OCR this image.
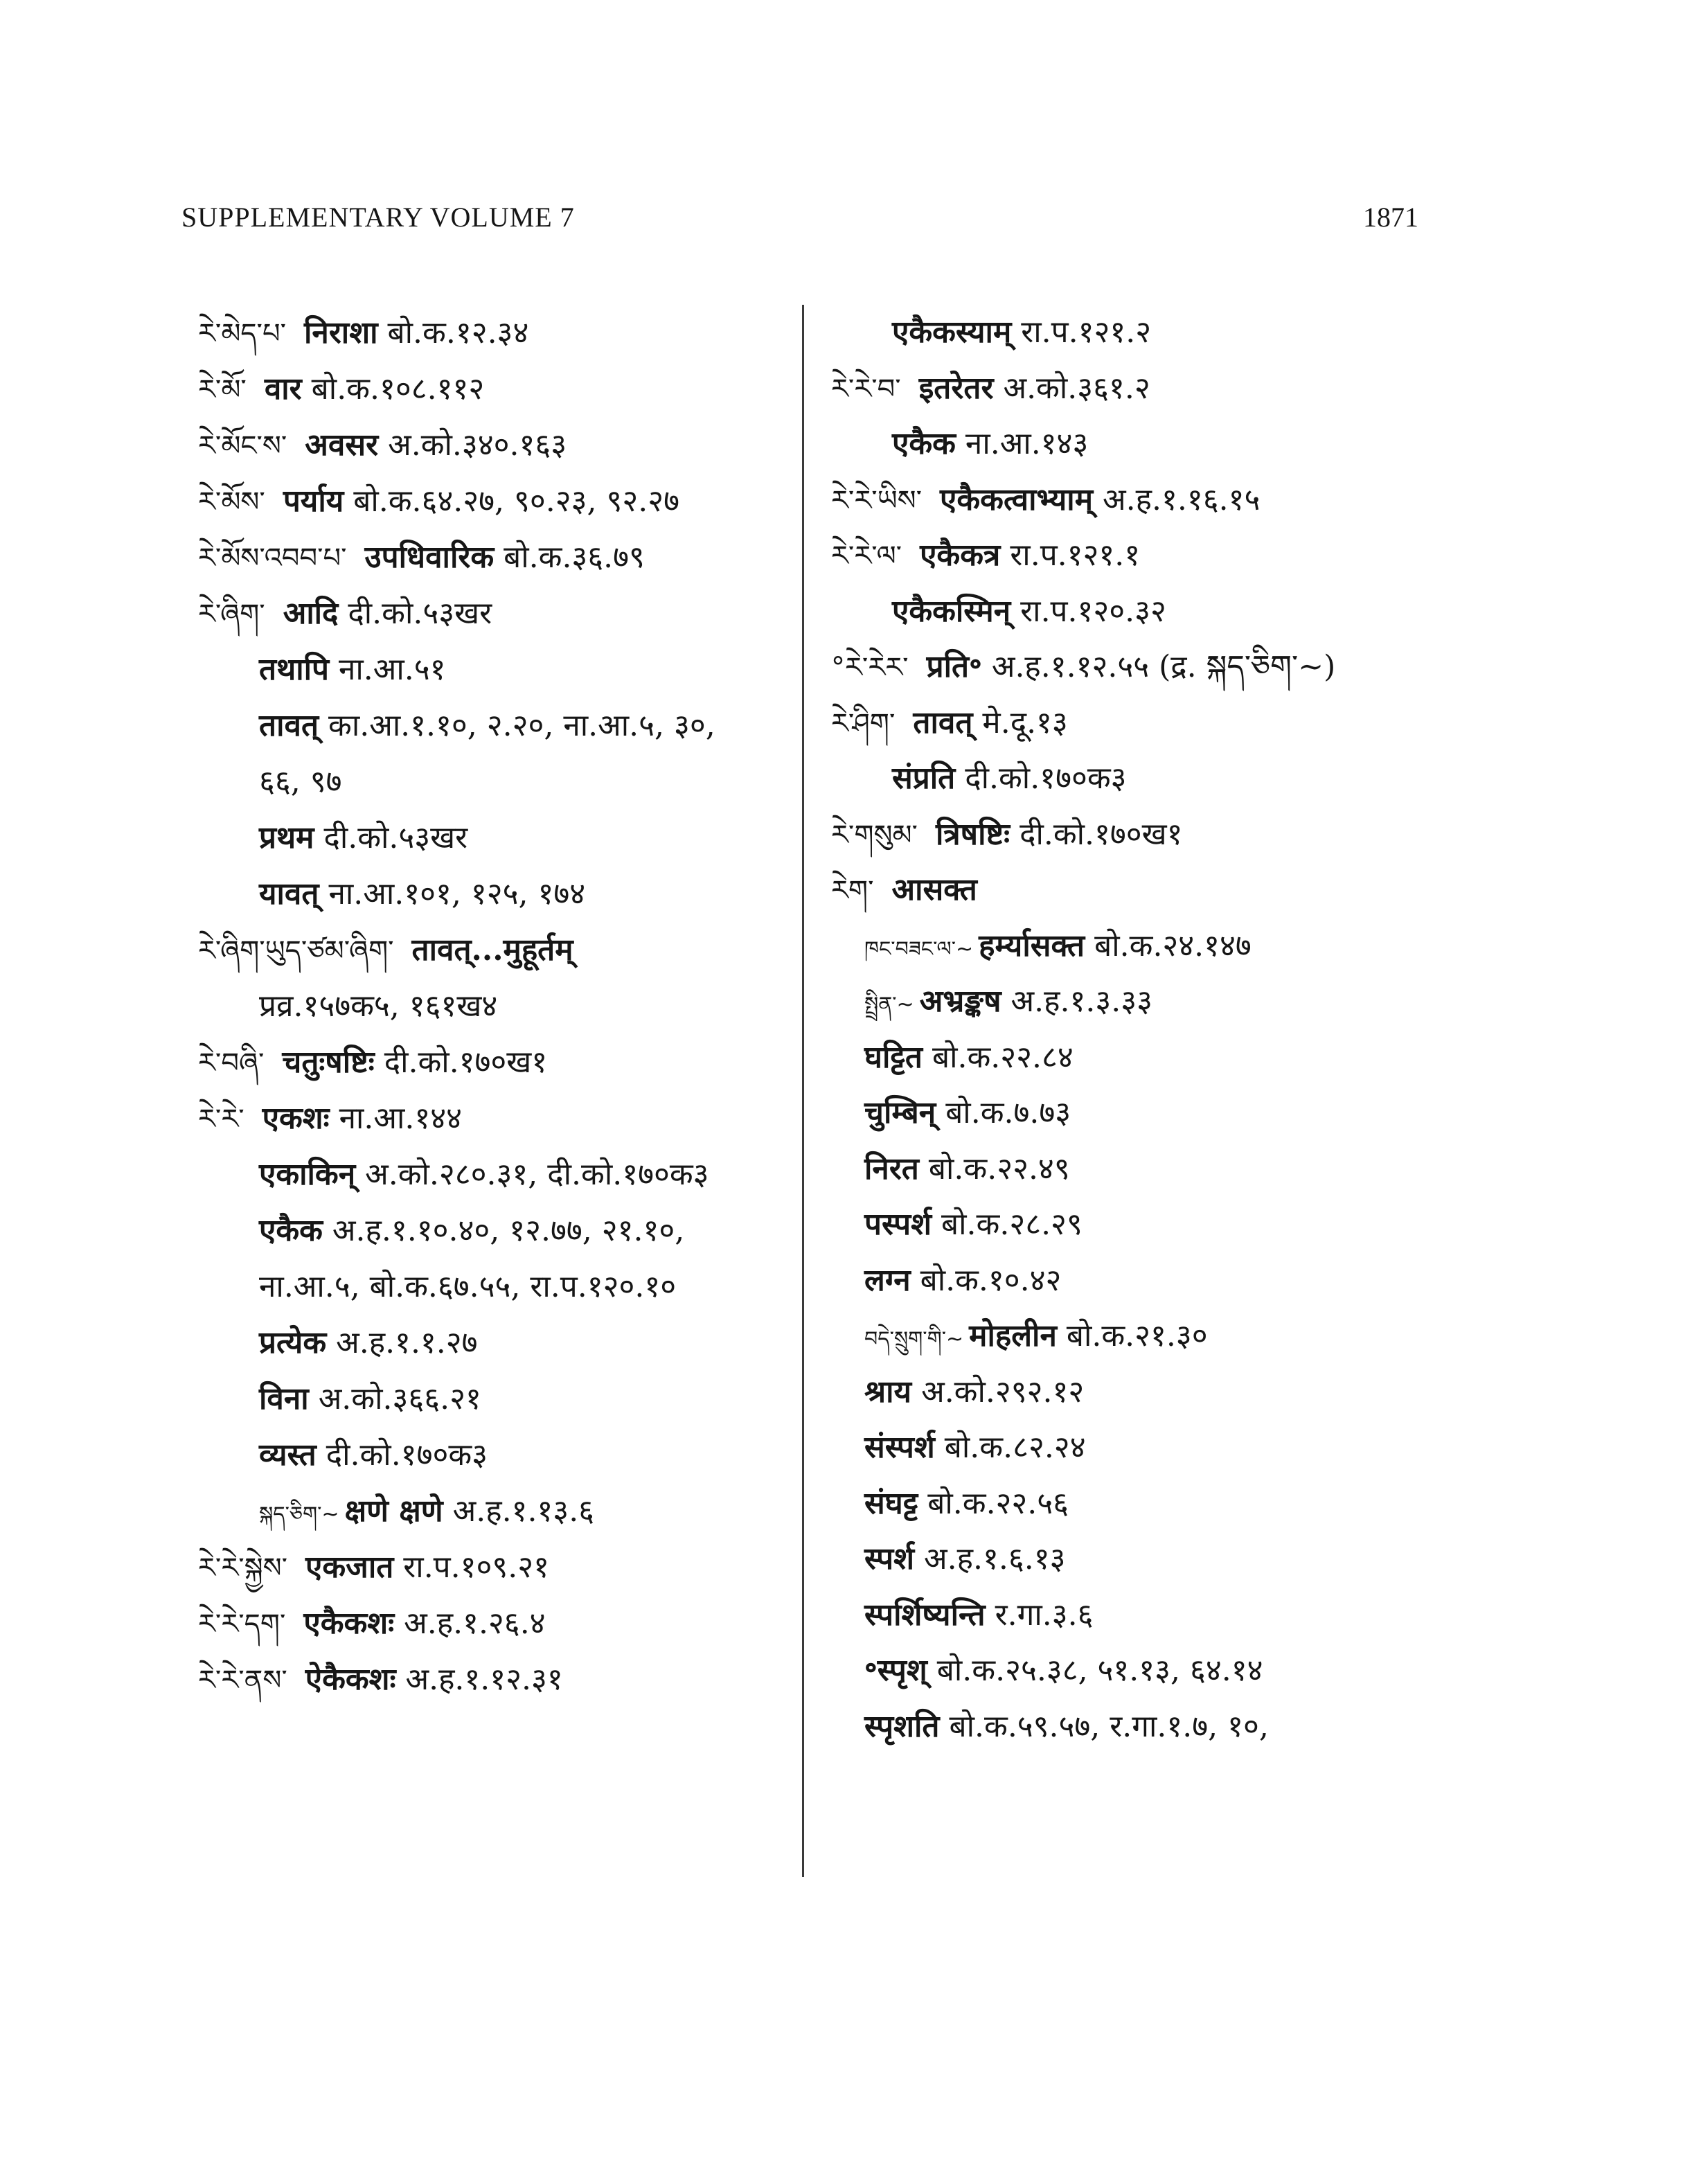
SUPPLEMENTARY VOLUME 7	1871
རེ་མེད་པ་ निराशा बो.क.१२.३४
རེ་མོ་ वार बो.क.१०८.११२
རེ་མོང་ས་ अवसर अ.को.३४०.१६३
རེ་མོས་ पर्याय बो.क.६४.२७, ९०.२३, ९२.२७
རེ་མོས་འབབ་པ་ उपधिवारिक बो.क.३६.७९
རེ་ཞིག་ आदि दी.को.५३खर
तथापि ना.आ.५१
तावत् का.आ.१.१०, २.२०, ना.आ.५, ३०,
६६, ९७
प्रथम दी.को.५३खर
यावत् ना.आ.१०१, १२५, १७४
རེ་ཞིག་ཡུད་ཙམ་ཞིག་ तावत्...मुहूर्तम्
प्रव्र.१५७क५, १६१ख४
རེ་བཞི་ चतुःषष्टिः दी.को.१७०ख१
རེ་རེ་ एकशः ना.आ.१४४
एकाकिन् अ.को.२८०.३१, दी.को.१७०क३
एकैक अ.ह.१.१०.४०, १२.७७, २१.१०,
ना.आ.५, बो.क.६७.५५, रा.प.१२०.१०
प्रत्येक अ.ह.१.१.२७
विना अ.को.३६६.२१
व्यस्त दी.को.१७०क३
སྐད་ཅིག་~ क्षणे क्षणे अ.ह.१.१३.६
རེ་རེ་སྐྱེས་ एकजात रा.प.१०९.२१
རེ་རེ་དག་ एकैकशः अ.ह.१.२६.४
རེ་རེ་ནས་ ऐकैकशः अ.ह.१.१२.३१
एकैकस्याम् रा.प.१२१.२
རེ་རེ་བ་ इतरेतर अ.को.३६१.२
एकैक ना.आ.१४३
རེ་རེ་ཡིས་ एकैकत्वाभ्याम् अ.ह.१.१६.१५
རེ་རེ་ལ་ एकैकत्र रा.प.१२१.१
एकैकस्मिन् रा.प.१२०.३२
°རེ་རེར་ प्रति॰ अ.ह.१.१२.५५ (द्र. སྐད་ཅིག་~)
རེ་ཤིག་ तावत् मे.दू.१३
संप्रति दी.को.१७०क३
རེ་གསུམ་ त्रिषष्टिः दी.को.१७०ख१
རེག་ आसक्त
ཁང་བཟང་ལ་~ हर्म्यासक्त बो.क.२४.१४७
སྤྲིན་~ अभ्रङ्कष अ.ह.१.३.३३
घट्टित बो.क.२२.८४
चुम्बिन् बो.क.७.७३
निरत बो.क.२२.४९
पस्पर्श बो.क.२८.२९
लग्न बो.क.१०.४२
བདེ་སྲུག་གི་~ मोहलीन बो.क.२१.३०
श्राय अ.को.२९२.१२
संस्पर्श बो.क.८२.२४
संघट्ट बो.क.२२.५६
स्पर्श अ.ह.१.६.१३
स्पर्शिष्यन्ति र.गा.३.६
॰स्पृश् बो.क.२५.३८, ५१.१३, ६४.१४
स्पृशति बो.क.५९.५७, र.गा.१.७, १०,
